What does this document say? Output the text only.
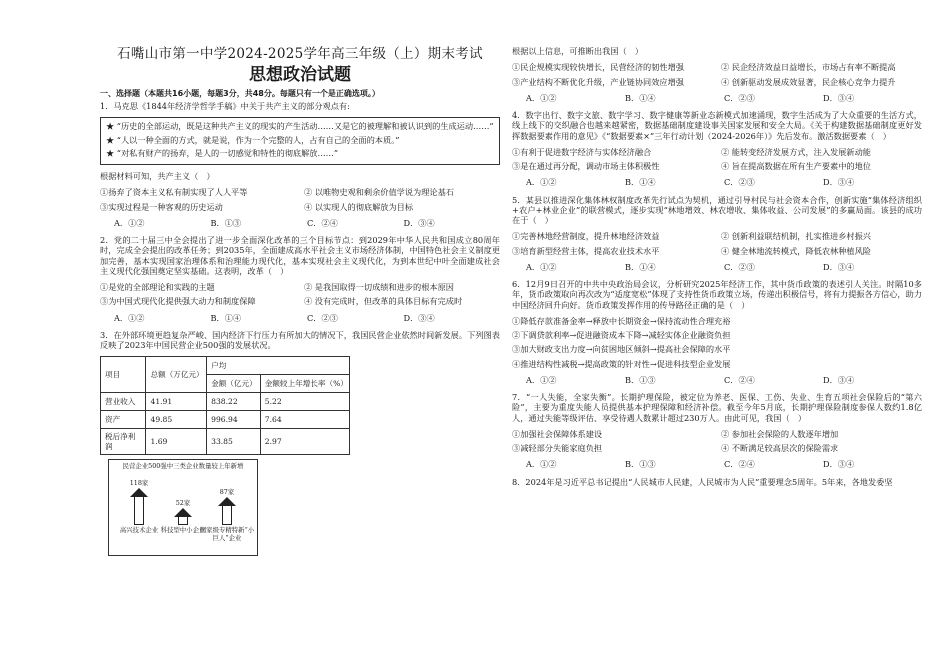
石嘴山市第一中学2024-2025学年高三年级（上）期末考试
思想政治试题
一、选择题（本题共16小题，每题3分，共48分。每题只有一个是正确选项。）

1．马克思《1844年经济学哲学手稿》中关于共产主义的部分观点有:

★ “历史的全部运动，既是这种共产主义的现实的产生活动……又是它的被理解和被认识到的生成运动……”

★ “人以一种全面的方式，就是说，作为一个完整的人，占有自己的全面的本质。”

★ “对私有财产的扬弃，是人的一切感觉和特性的彻底解放……”

根据材料可知，共产主义（　）

①扬弃了资本主义私有制实现了人人平等	② 以唯物史观和剩余价值学说为理论基石
③实现过程是一种客观的历史运动	④ 以实现人的彻底解放为目标
A．①②	B．①③	C．②④	D．③④

2．党的二十届三中全会提出了进一步全面深化改革的三个目标节点：到2029年中华人民共和国成立80周年时，完成全会提出的改革任务；到2035年，全面建成高水平社会主义市场经济体制，中国特色社会主义制度更加完善，基本实现国家治理体系和治理能力现代化，基本实现社会主义现代化，为到本世纪中叶全面建成社会主义现代化强国奠定坚实基础。这表明，改革（　）

①是党的全部理论和实践的主题	② 是我国取得一切成绩和进步的根本原因
③为中国式现代化提供强大动力和制度保障	④ 没有完成时，但改革的具体目标有完成时
A．①②	B．①④	C．②③	D．③④

3．在外部环境更趋复杂严峻、国内经济下行压力有所加大的情况下，我国民营企业依然时间新发展。下列图表反映了2023年中国民营企业500强的发展状况。

项目	总额（万亿元）	户均	
		金额（亿元）	金额较上年增长率（%）
营业收入	41.91	838.22	5.22
资产	49.85	996.94	7.64
税后净利润	1.69	33.85	2.97
民营企业500强中三类企业数量较上年新增
118家
高兴技术企业
52家
科技型中小企业
87家
国家级专精特新“小巨人”企业

根据以上信息，可推断出我国（　）

①民企规模实现较快增长，民营经济的韧性增强	② 民企经济效益日益增长，市场占有率不断提高
③产业结构不断优化升级，产业链协同效应增强	④ 创新驱动发展成效显著，民企核心竞争力提升
A．①②	B．①④	C．②③	D．③④

4．数字出行、数字文旅、数字学习、数字健康等新业态新模式加速涌现，数字生活成为了大众重要的生活方式，线上线下的交织融合也越来越紧密，数据基础制度建设事关国家发展和安全大局。《关于构建数据基础制度更好发挥数据要素作用的意见》《“数据要素×”三年行动计划（2024-2026年）》先后发布。激活数据要素（　）

①有利于促进数字经济与实体经济融合	② 能转变经济发展方式，注入发展新动能
③是在通过再分配，调动市场主体积极性	④ 旨在提高数据在所有生产要素中的地位
A．①②	B．①④	C．②③	D．③④

5．某县以推进深化集体林权制度改革先行试点为契机，通过引导村民与社会资本合作，创新实施“集体经济组织+农户+林业企业”的联营模式，逐步实现“林地增效、林农增收、集体收益、公司发展”的多赢局面。该县的成功在于（　）

①完善林地经营制度，提升林地经济效益	② 创新利益联结机制，扎实推进乡村振兴
③培育新型经营主体，提高农业技术水平	④ 健全林地流转模式，降低农林种植风险
A．①②	B．①④	C．②③	D．③④

6．12月9日召开的中共中央政治局会议，分析研究2025年经济工作，其中货币政策的表述引人关注。时隔10多年，货币政策取向再次改为“适度宽松”体现了支持性货币政策立场，传递出积极信号，将有力提振各方信心，助力中国经济回升向好。货币政策发挥作用的传导路径正确的是（　）

①降低存款准备金率→释放中长期资金→保持流动性合理充裕

②下调贷款利率→促进融资成本下降→减轻实体企业融资负担

③加大财政支出力度→向贫困地区倾斜→提高社会保障的水平

④推进结构性减税→提高政策的针对性→促进科技型企业发展

A．①②	B．①③	C．②④	D．③④

7．“一人失能，全家失衡”。长期护理保险，被定位为养老、医保、工伤、失业、生育五项社会保险后的“第六险”，主要为重度失能人员提供基本护理保障和经济补偿。截至今年5月底，长期护理保险制度参保人数约1.8亿人，通过失能等级评估、享受待遇人数累计超过230万人。由此可见，我国（　）

①加强社会保障体系建设	② 参加社会保险的人数逐年增加
③减轻部分失能家庭负担	④ 不断满足较高层次的保险需求
A．①②	B．①③	C．②④	D．③④

8．2024年是习近平总书记提出“人民城市人民建，人民城市为人民”重要理念5周年。5年来，各地发委坚
